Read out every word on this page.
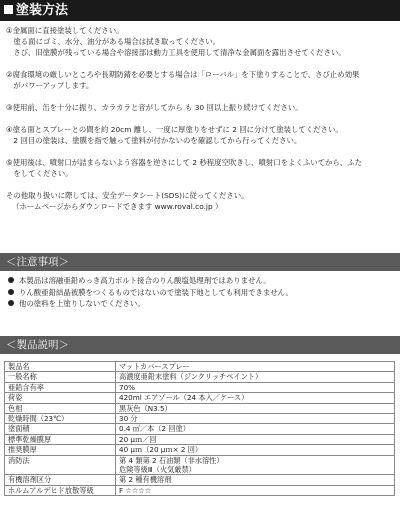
塗装方法
①金属面に直接塗装してください。
　塗る面にゴミ、水分、油分がある場合は拭き取ってください。
　さび、旧塗膜が残っている場合や溶接部は動力工具を使用して清浄な金属面を露出させてください。
②腐食環境の厳しいところや長期防錆を必要とする場合は「ローバル」を下塗りすることで、さび止め効果
　がパワーアップします。
③使用前、缶を十分に振り、カラカラと音がしてから も 30 回以上振り続けてください。
④塗る面とスプレーとの間を約 20cm 離し、一度に厚塗りをせずに 2 回に分けて塗装してください。
　2 回目の塗装は、塗膜を指で触って塗料が付かないのを確認してから行ってください。
⑤使用後は、噴射口が詰まらないよう容器を逆さにして 2 秒程度空吹きし、噴射口をよくふいてから、ふた
　をしてください。
その他取り扱いに際しては、安全データシート(SDS)に従ってください。
（ホームページからダウンロードできます www.roval.co.jp ）
＜注意事項＞
本製品は溶融亜鉛めっき高力ボルト接合のりん酸塩処理剤ではありません。
りん酸亜鉛結晶被膜をつくるものではないので塗装下地としても利用できません。
他の塗料を上塗りしないでください。
＜製品説明＞
製品名	マットカバースプレー
一般名称	高濃度亜鉛末塗料（ジンクリッチペイント）
亜鉛含有率	70%
荷姿	420ml エアゾール（24 本入／ケース）
色相	黒灰色（N3.5）
乾燥時間（23℃）	30 分
塗面積	0.4 ㎡／本（2 回塗）
標準乾燥膜厚	20 μｍ／回
推奨膜厚	40 μｍ（20 μｍ× 2 回）
消防法	第 4 類第 2 石油類（非水溶性）
危険等級Ⅲ（火気厳禁）

有機溶剤区分	第 2 種有機溶剤
ホルムアルデヒド放散等級	F ☆☆☆☆
